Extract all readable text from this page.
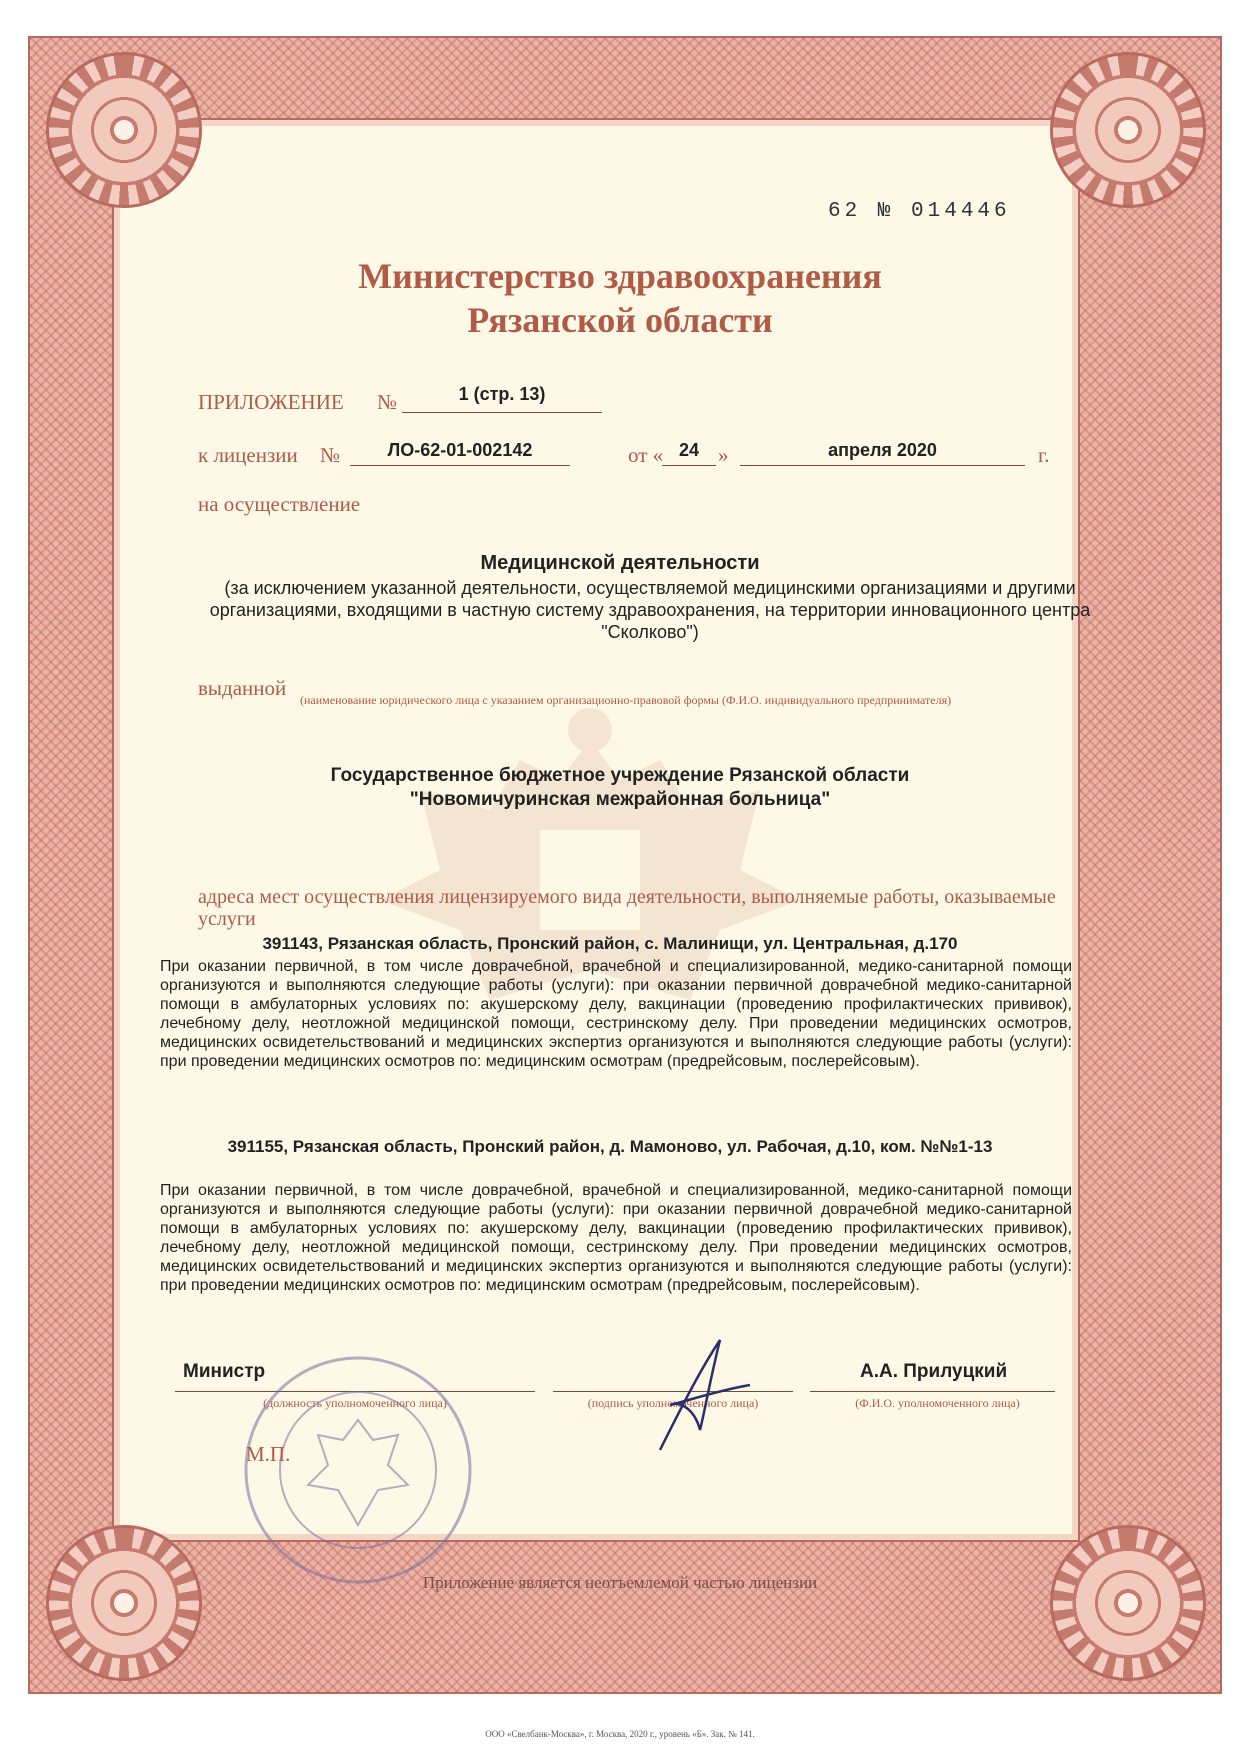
62 № 014446
Министерство здравоохранения
Рязанской области
ПРИЛОЖЕНИЕ №	1 (стр. 13)
к лицензии №	ЛО-62-01-002142	от « 24 »	апреля 2020	г.
на осуществление
Медицинской деятельности
(за исключением указанной деятельности, осуществляемой медицинскими организациями и другими организациями, входящими в частную систему здравоохранения, на территории инновационного центра "Сколково")
выданной (наименование юридического лица с указанием организационно-правовой формы (Ф.И.О. индивидуального предпринимателя)
Государственное бюджетное учреждение Рязанской области
"Новомичуринская межрайонная больница"
адреса мест осуществления лицензируемого вида деятельности, выполняемые работы, оказываемые услуги
391143, Рязанская область, Пронский район, с. Малинищи, ул. Центральная, д.170
При оказании первичной, в том числе доврачебной, врачебной и специализированной, медико-санитарной помощи организуются и выполняются следующие работы (услуги): при оказании первичной доврачебной медико-санитарной помощи в амбулаторных условиях по: акушерскому делу, вакцинации (проведению профилактических прививок), лечебному делу, неотложной медицинской помощи, сестринскому делу. При проведении медицинских осмотров, медицинских освидетельствований и медицинских экспертиз организуются и выполняются следующие работы (услуги): при проведении медицинских осмотров по: медицинским осмотрам (предрейсовым, послерейсовым).
391155, Рязанская область, Пронский район, д. Мамоново, ул. Рабочая, д.10, ком. №№1-13
При оказании первичной, в том числе доврачебной, врачебной и специализированной, медико-санитарной помощи организуются и выполняются следующие работы (услуги): при оказании первичной доврачебной медико-санитарной помощи в амбулаторных условиях по: акушерскому делу, вакцинации (проведению профилактических прививок), лечебному делу, неотложной медицинской помощи, сестринскому делу. При проведении медицинских осмотров, медицинских освидетельствований и медицинских экспертиз организуются и выполняются следующие работы (услуги): при проведении медицинских осмотров по: медицинским осмотрам (предрейсовым, послерейсовым).
Министр
(должность уполномоченного лица)	(подпись уполномоченного лица)
А.А. Прилуцкий
(Ф.И.О. уполномоченного лица)
М.П.
Приложение является неотъемлемой частью лицензии
ООО «Свелбанк-Москва», г. Москва, 2020 г., уровень «Б». Зак. № 141.
